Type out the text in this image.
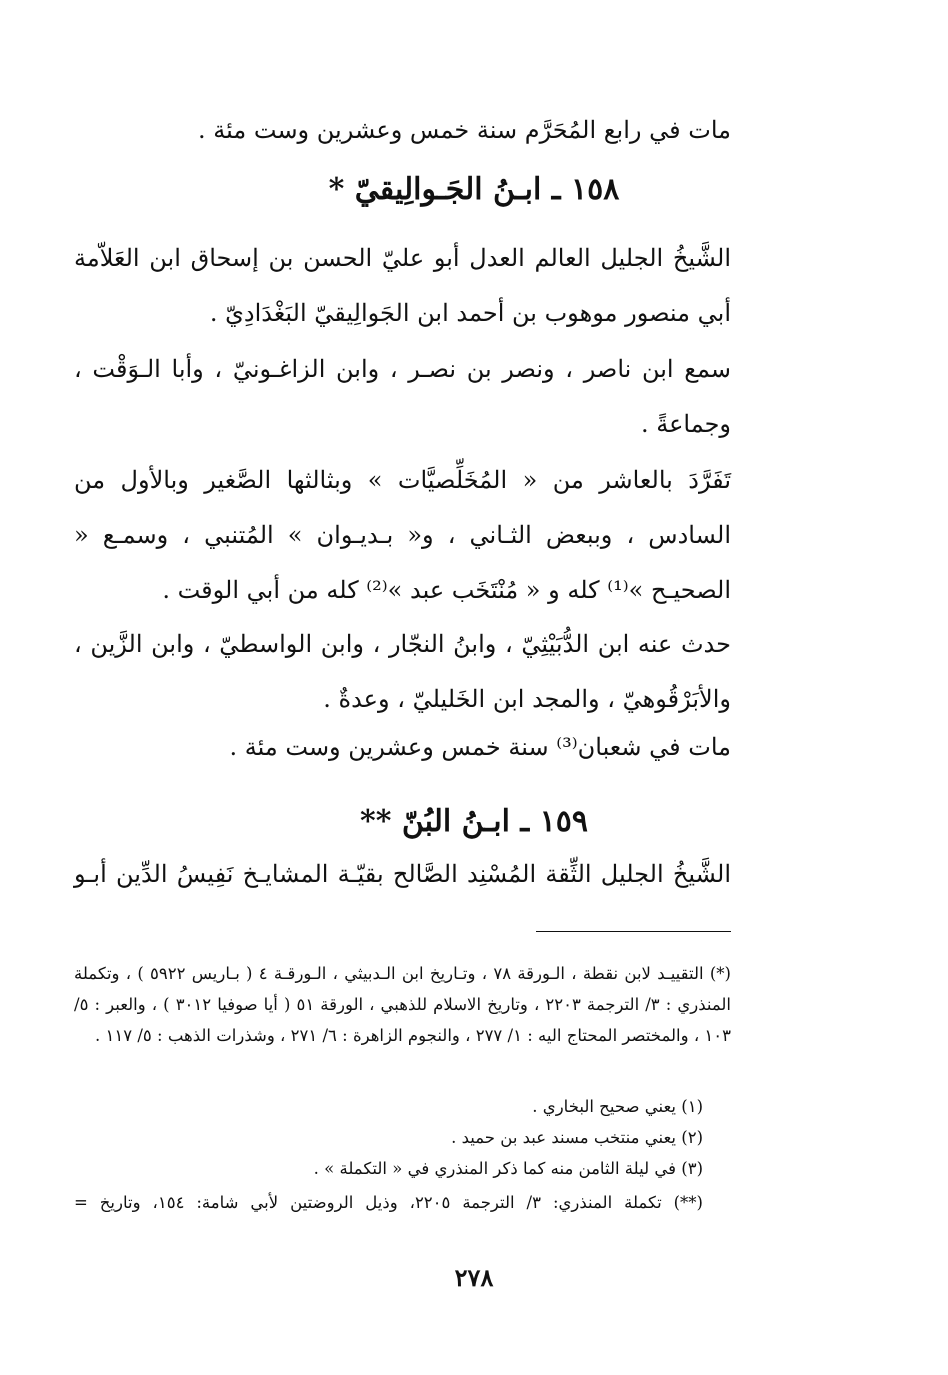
مات في رابع المُحَرَّم سنة خمس وعشرين وست مئة .
١٥٨ ـ ابـنُ الجَـوالِيقيّ *
الشَّيخُ الجليل العالم العدل أبو عليّ الحسن بن إسحاق ابن العَلاّمة أبي منصور موهوب بن أحمد ابن الجَوالِيقيّ البَغْدَادِيّ .
سمع ابن ناصر ، ونصر بن نصـر ، وابن الزاغـونيّ ، وأبا الـوَقْت ، وجماعةً .
تَفَرَّدَ بالعاشر من « المُخَلِّصيَّات » وبثالثها الصَّغير وبالأول من السادس ، وببعض الثـاني ، و« بـديـوان » المُتنبي ، وسمـع « الصحيـح »⁽¹⁾ كله و « مُنْتَخَب عبد »⁽²⁾ كله من أبي الوقت .
حدث عنه ابن الدُّبَيْثِيّ ، وابنُ النجّار ، وابن الواسطيّ ، وابن الزَّين ، والأبَرْقُوهيّ ، والمجد ابن الخَليليّ ، وعدةٌ .
مات في شعبان⁽³⁾ سنة خمس وعشرين وست مئة .
١٥٩ ـ ابـنُ البُنّ **
الشَّيخُ الجليل الثِّقة المُسْنِد الصَّالح بقيّـة المشايـخ نَفِيسُ الدِّين أبـو
(*) التقييـد لابن نقطة ، الـورقة ٧٨ ، وتـاريخ ابن الـدبيثي ، الـورقـة ٤ ( بـاريس ٥٩٢٢ ) ، وتكملة المنذري : ٣/ الترجمة ٢٢٠٣ ، وتاريخ الاسلام للذهبي ، الورقة ٥١ ( أيا صوفيا ٣٠١٢ ) ، والعبر : ٥/ ١٠٣ ، والمختصر المحتاج اليه : ١/ ٢٧٧ ، والنجوم الزاهرة : ٦/ ٢٧١ ، وشذرات الذهب : ٥/ ١١٧ .
(١) يعني صحيح البخاري .
(٢) يعني منتخب مسند عبد بن حميد .
(٣) في ليلة الثامن منه كما ذكر المنذري في « التكملة » .
(**) تكملة المنذري: ٣/ الترجمة ٢٢٠٥، وذيل الروضتين لأبي شامة: ١٥٤، وتاريخ =
٢٧٨
